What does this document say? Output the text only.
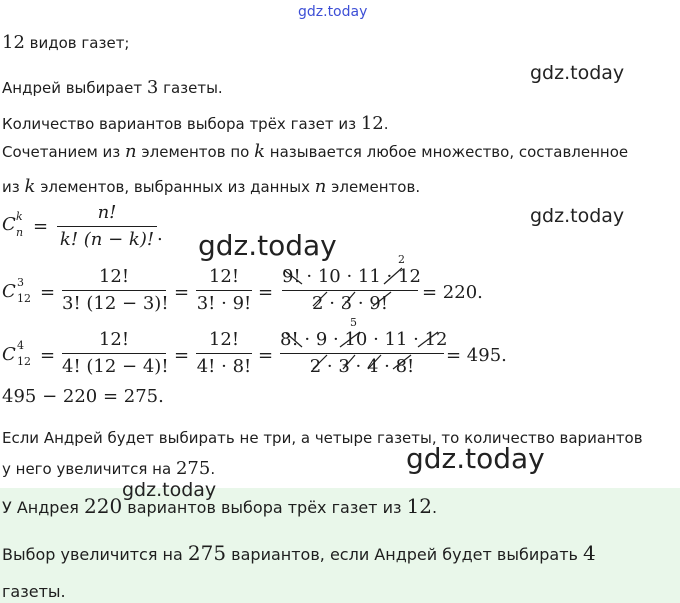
gdz.today
gdz.today
gdz.today
gdz.today
gdz.today
gdz.today
12 видов газет;
Андрей выбирает 3 газеты.
Количество вариантов выбора трёх газет из 12.
Сочетанием из n элементов по k называется любое множество, составленное
из k элементов, выбранных из данных n элементов.
C k
n =
n!
k! (n − k)! .
C 3
12 =
12!
3! (12 − 3)!
=
12!
3! · 9!
=
9! · 10 · 11 · 12
2 · 3 · 9!
2
= 220.
C 4
12 =
12!
4! (12 − 4)!
=
12!
4! · 8!
=
8! · 9 · 10 · 11 · 12
2 · 3 · 4 · 8!
5
= 495.
495 − 220 = 275.
Если Андрей будет выбирать не три, а четыре газеты, то количество вариантов
у него увеличится на 275.
У Андрея 220 вариантов выбора трёх газет из 12.
Выбор увеличится на 275 вариантов, если Андрей будет выбирать 4
газеты.
